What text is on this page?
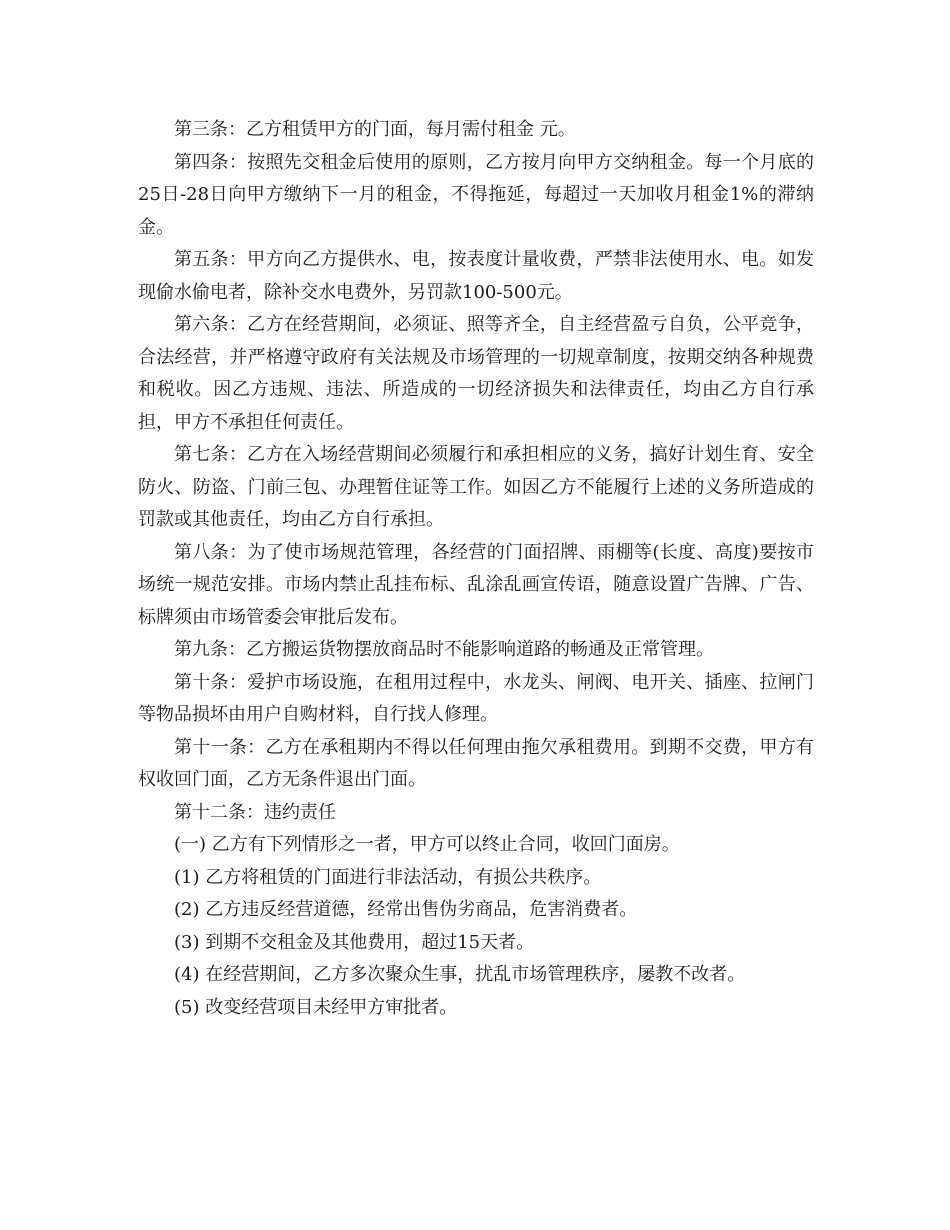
第三条：乙方租赁甲方的门面，每月需付租金 元。

第四条：按照先交租金后使用的原则，乙方按月向甲方交纳租金。每一个月底的25日-28日向甲方缴纳下一月的租金，不得拖延，每超过一天加收月租金1%的滞纳金。

第五条：甲方向乙方提供水、电，按表度计量收费，严禁非法使用水、电。如发现偷水偷电者，除补交水电费外，另罚款100-500元。

第六条：乙方在经营期间，必须证、照等齐全，自主经营盈亏自负，公平竞争，合法经营，并严格遵守政府有关法规及市场管理的一切规章制度，按期交纳各种规费和税收。因乙方违规、违法、所造成的一切经济损失和法律责任，均由乙方自行承担，甲方不承担任何责任。

第七条：乙方在入场经营期间必须履行和承担相应的义务，搞好计划生育、安全防火、防盗、门前三包、办理暂住证等工作。如因乙方不能履行上述的义务所造成的罚款或其他责任，均由乙方自行承担。

第八条：为了使市场规范管理，各经营的门面招牌、雨棚等(长度、高度)要按市场统一规范安排。市场内禁止乱挂布标、乱涂乱画宣传语，随意设置广告牌、广告、标牌须由市场管委会审批后发布。

第九条：乙方搬运货物摆放商品时不能影响道路的畅通及正常管理。

第十条：爱护市场设施，在租用过程中，水龙头、闸阀、电开关、插座、拉闸门等物品损坏由用户自购材料，自行找人修理。

第十一条：乙方在承租期内不得以任何理由拖欠承租费用。到期不交费，甲方有权收回门面，乙方无条件退出门面。

第十二条：违约责任

(一) 乙方有下列情形之一者，甲方可以终止合同，收回门面房。

(1) 乙方将租赁的门面进行非法活动，有损公共秩序。

(2) 乙方违反经营道德，经常出售伪劣商品，危害消费者。

(3) 到期不交租金及其他费用，超过15天者。

(4) 在经营期间，乙方多次聚众生事，扰乱市场管理秩序，屡教不改者。

(5) 改变经营项目未经甲方审批者。
